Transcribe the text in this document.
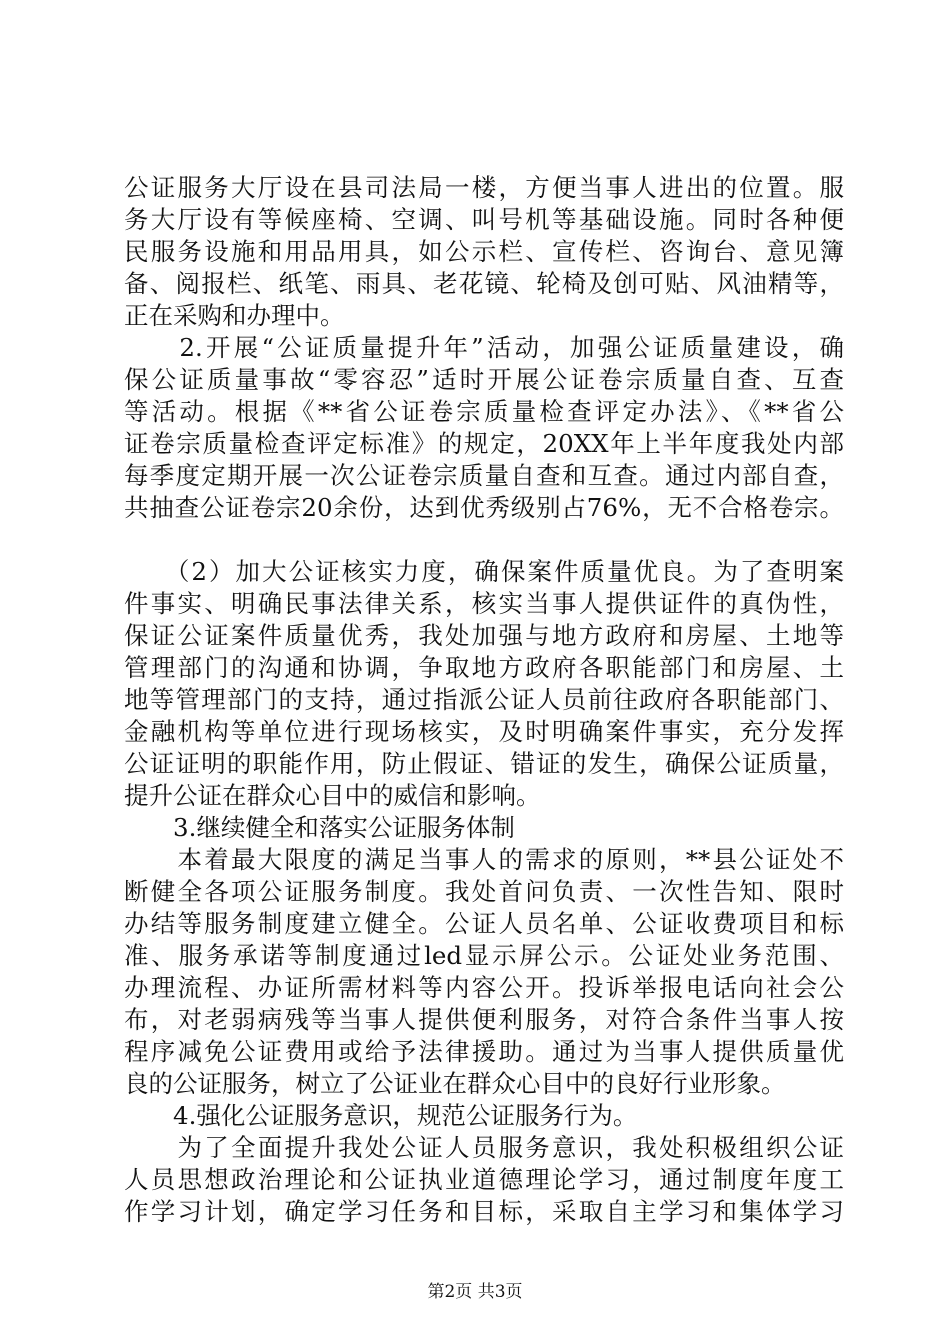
公证服务大厅设在县司法局一楼，方便当事人进出的位置。服
务大厅设有等候座椅、空调、叫号机等基础设施。同时各种便
民服务设施和用品用具，如公示栏、宣传栏、咨询台、意见簿
备、阅报栏、纸笔、雨具、老花镜、轮椅及创可贴、风油精等，
正在采购和办理中。
　　2.开展“公证质量提升年”活动，加强公证质量建设，确
保公证质量事故“零容忍”适时开展公证卷宗质量自查、互查
等活动。根据《**省公证卷宗质量检查评定办法》、《**省公
证卷宗质量检查评定标准》的规定，20XX年上半年度我处内部
每季度定期开展一次公证卷宗质量自查和互查。通过内部自查，
共抽查公证卷宗20余份，达到优秀级别占76%，无不合格卷宗。
　　（2）加大公证核实力度，确保案件质量优良。为了查明案
件事实、明确民事法律关系，核实当事人提供证件的真伪性，
保证公证案件质量优秀，我处加强与地方政府和房屋、土地等
管理部门的沟通和协调，争取地方政府各职能部门和房屋、土
地等管理部门的支持，通过指派公证人员前往政府各职能部门、
金融机构等单位进行现场核实，及时明确案件事实，充分发挥
公证证明的职能作用，防止假证、错证的发生，确保公证质量，
提升公证在群众心目中的威信和影响。
　　3.继续健全和落实公证服务体制
　　本着最大限度的满足当事人的需求的原则，**县公证处不
断健全各项公证服务制度。我处首问负责、一次性告知、限时
办结等服务制度建立健全。公证人员名单、公证收费项目和标
准、服务承诺等制度通过led显示屏公示。公证处业务范围、
办理流程、办证所需材料等内容公开。投诉举报电话向社会公
布，对老弱病残等当事人提供便利服务，对符合条件当事人按
程序减免公证费用或给予法律援助。通过为当事人提供质量优
良的公证服务，树立了公证业在群众心目中的良好行业形象。
　　4.强化公证服务意识，规范公证服务行为。
　　为了全面提升我处公证人员服务意识，我处积极组织公证
人员思想政治理论和公证执业道德理论学习，通过制度年度工
作学习计划，确定学习任务和目标，采取自主学习和集体学习
第2页 共3页
